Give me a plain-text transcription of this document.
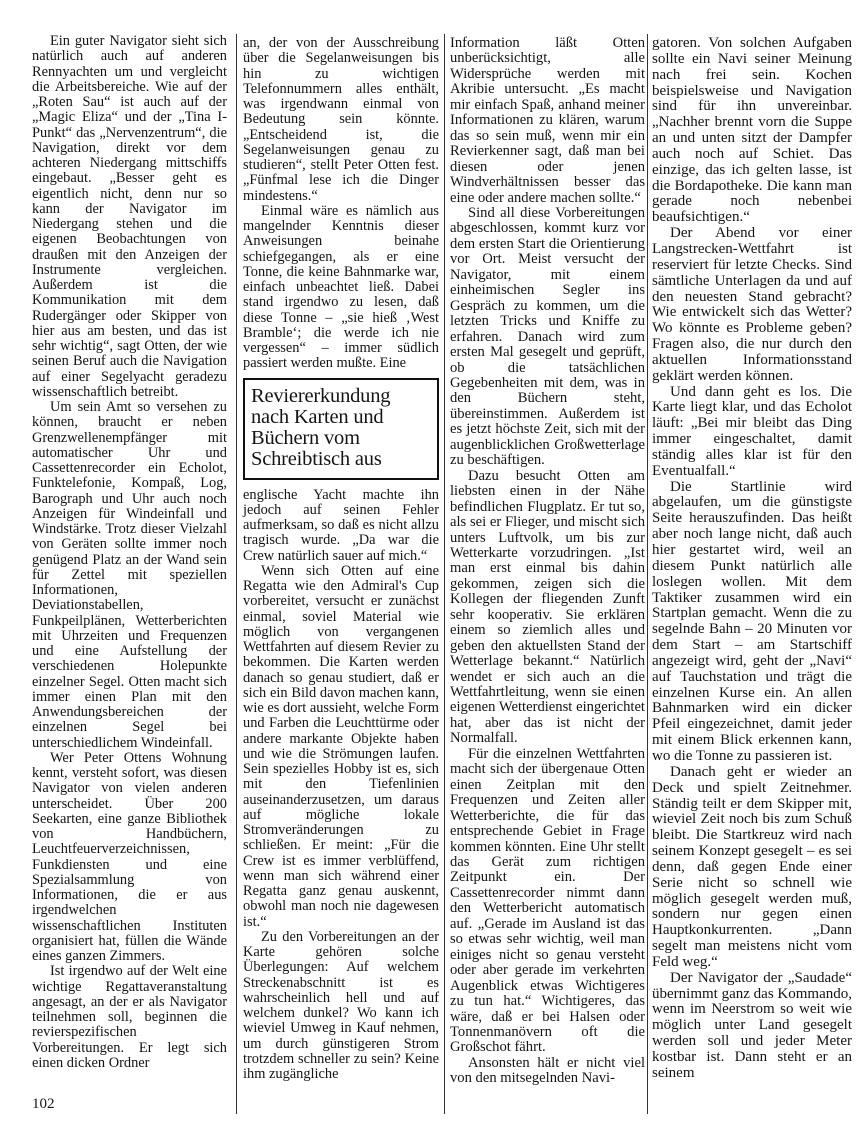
Ein guter Navigator sieht sich natürlich auch auf anderen Rennyachten um und vergleicht die Arbeitsbereiche. Wie auf der „Roten Sau“ ist auch auf der „Magic Eliza“ und der „Tina I-Punkt“ das „Nervenzentrum“, die Navigation, direkt vor dem achteren Niedergang mittschiffs eingebaut. „Besser geht es eigentlich nicht, denn nur so kann der Navigator im Niedergang stehen und die eigenen Beobachtungen von draußen mit den Anzeigen der Instrumente vergleichen. Außerdem ist die Kommunikation mit dem Rudergänger oder Skipper von hier aus am besten, und das ist sehr wichtig“, sagt Otten, der wie seinen Beruf auch die Navigation auf einer Segelyacht geradezu wissenschaftlich betreibt.

Um sein Amt so versehen zu können, braucht er neben Grenzwellenempfänger mit automatischer Uhr und Cassettenrecorder ein Echolot, Funktelefonie, Kompaß, Log, Barograph und Uhr auch noch Anzeigen für Windeinfall und Windstärke. Trotz dieser Vielzahl von Geräten sollte immer noch genügend Platz an der Wand sein für Zettel mit speziellen Informationen, Deviationstabellen, Funkpeilplänen, Wetterberichten mit Uhrzeiten und Frequenzen und eine Aufstellung der verschiedenen Holepunkte einzelner Segel. Otten macht sich immer einen Plan mit den Anwendungsbereichen der einzelnen Segel bei unterschiedlichem Windeinfall.

Wer Peter Ottens Wohnung kennt, versteht sofort, was diesen Navigator von vielen anderen unterscheidet. Über 200 Seekarten, eine ganze Bibliothek von Handbüchern, Leuchtfeuerverzeichnissen, Funkdiensten und eine Spezialsammlung von Informationen, die er aus irgendwelchen wissenschaftlichen Instituten organisiert hat, füllen die Wände eines ganzen Zimmers.

Ist irgendwo auf der Welt eine wichtige Regattaveranstaltung angesagt, an der er als Navigator teilnehmen soll, beginnen die revierspezifischen Vorbereitungen. Er legt sich einen dicken Ordner

an, der von der Ausschreibung über die Segelanweisungen bis hin zu wichtigen Telefonnummern alles enthält, was irgendwann einmal von Bedeutung sein könnte. „Entscheidend ist, die Segelanweisungen genau zu studieren“, stellt Peter Otten fest. „Fünfmal lese ich die Dinger mindestens.“

Einmal wäre es nämlich aus mangelnder Kenntnis dieser Anweisungen beinahe schiefgegangen, als er eine Tonne, die keine Bahnmarke war, einfach unbeachtet ließ. Dabei stand irgendwo zu lesen, daß diese Tonne – „sie hieß ‚West Bramble‘; die werde ich nie vergessen“ – immer südlich passiert werden mußte. Eine

Reviererkundung nach Karten und Büchern vom Schreibtisch aus

englische Yacht machte ihn jedoch auf seinen Fehler aufmerksam, so daß es nicht allzu tragisch wurde. „Da war die Crew natürlich sauer auf mich.“

Wenn sich Otten auf eine Regatta wie den Admiral's Cup vorbereitet, versucht er zunächst einmal, soviel Material wie möglich von vergangenen Wettfahrten auf diesem Revier zu bekommen. Die Karten werden danach so genau studiert, daß er sich ein Bild davon machen kann, wie es dort aussieht, welche Form und Farben die Leuchttürme oder andere markante Objekte haben und wie die Strömungen laufen. Sein spezielles Hobby ist es, sich mit den Tiefenlinien auseinanderzusetzen, um daraus auf mögliche lokale Stromveränderungen zu schließen. Er meint: „Für die Crew ist es immer verblüffend, wenn man sich während einer Regatta ganz genau auskennt, obwohl man noch nie dagewesen ist.“

Zu den Vorbereitungen an der Karte gehören solche Überlegungen: Auf welchem Streckenabschnitt ist es wahrscheinlich hell und auf welchem dunkel? Wo kann ich wieviel Umweg in Kauf nehmen, um durch günstigeren Strom trotzdem schneller zu sein? Keine ihm zugängliche

Information läßt Otten unberücksichtigt, alle Widersprüche werden mit Akribie untersucht. „Es macht mir einfach Spaß, anhand meiner Informationen zu klären, warum das so sein muß, wenn mir ein Revierkenner sagt, daß man bei diesen oder jenen Windverhältnissen besser das eine oder andere machen sollte.“

Sind all diese Vorbereitungen abgeschlossen, kommt kurz vor dem ersten Start die Orientierung vor Ort. Meist versucht der Navigator, mit einem einheimischen Segler ins Gespräch zu kommen, um die letzten Tricks und Kniffe zu erfahren. Danach wird zum ersten Mal gesegelt und geprüft, ob die tatsächlichen Gegebenheiten mit dem, was in den Büchern steht, übereinstimmen. Außerdem ist es jetzt höchste Zeit, sich mit der augenblicklichen Großwetterlage zu beschäftigen.

Dazu besucht Otten am liebsten einen in der Nähe befindlichen Flugplatz. Er tut so, als sei er Flieger, und mischt sich unters Luftvolk, um bis zur Wetterkarte vorzudringen. „Ist man erst einmal bis dahin gekommen, zeigen sich die Kollegen der fliegenden Zunft sehr kooperativ. Sie erklären einem so ziemlich alles und geben den aktuellsten Stand der Wetterlage bekannt.“ Natürlich wendet er sich auch an die Wettfahrtleitung, wenn sie einen eigenen Wetterdienst eingerichtet hat, aber das ist nicht der Normalfall.

Für die einzelnen Wettfahrten macht sich der übergenaue Otten einen Zeitplan mit den Frequenzen und Zeiten aller Wetterberichte, die für das entsprechende Gebiet in Frage kommen könnten. Eine Uhr stellt das Gerät zum richtigen Zeitpunkt ein. Der Cassettenrecorder nimmt dann den Wetterbericht automatisch auf. „Gerade im Ausland ist das so etwas sehr wichtig, weil man einiges nicht so genau versteht oder aber gerade im verkehrten Augenblick etwas Wichtigeres zu tun hat.“ Wichtigeres, das wäre, daß er bei Halsen oder Tonnenmanövern oft die Großschot fährt.

Ansonsten hält er nicht viel von den mitsegelnden Navi-

gatoren. Von solchen Aufgaben sollte ein Navi seiner Meinung nach frei sein. Kochen beispielsweise und Navigation sind für ihn unvereinbar. „Nachher brennt vorn die Suppe an und unten sitzt der Dampfer auch noch auf Schiet. Das einzige, das ich gelten lasse, ist die Bordapotheke. Die kann man gerade noch nebenbei beaufsichtigen.“

Der Abend vor einer Langstrecken-Wettfahrt ist reserviert für letzte Checks. Sind sämtliche Unterlagen da und auf den neuesten Stand gebracht? Wie entwickelt sich das Wetter? Wo könnte es Probleme geben? Fragen also, die nur durch den aktuellen Informationsstand geklärt werden können.

Und dann geht es los. Die Karte liegt klar, und das Echolot läuft: „Bei mir bleibt das Ding immer eingeschaltet, damit ständig alles klar ist für den Eventualfall.“

Die Startlinie wird abgelaufen, um die günstigste Seite herauszufinden. Das heißt aber noch lange nicht, daß auch hier gestartet wird, weil an diesem Punkt natürlich alle loslegen wollen. Mit dem Taktiker zusammen wird ein Startplan gemacht. Wenn die zu segelnde Bahn – 20 Minuten vor dem Start – am Startschiff angezeigt wird, geht der „Navi“ auf Tauchstation und trägt die einzelnen Kurse ein. An allen Bahnmarken wird ein dicker Pfeil eingezeichnet, damit jeder mit einem Blick erkennen kann, wo die Tonne zu passieren ist.

Danach geht er wieder an Deck und spielt Zeitnehmer. Ständig teilt er dem Skipper mit, wieviel Zeit noch bis zum Schuß bleibt. Die Startkreuz wird nach seinem Konzept gesegelt – es sei denn, daß gegen Ende einer Serie nicht so schnell wie möglich gesegelt werden muß, sondern nur gegen einen Hauptkonkurrenten. „Dann segelt man meistens nicht vom Feld weg.“

Der Navigator der „Saudade“ übernimmt ganz das Kommando, wenn im Neerstrom so weit wie möglich unter Land gesegelt werden soll und jeder Meter kostbar ist. Dann steht er an seinem

102
